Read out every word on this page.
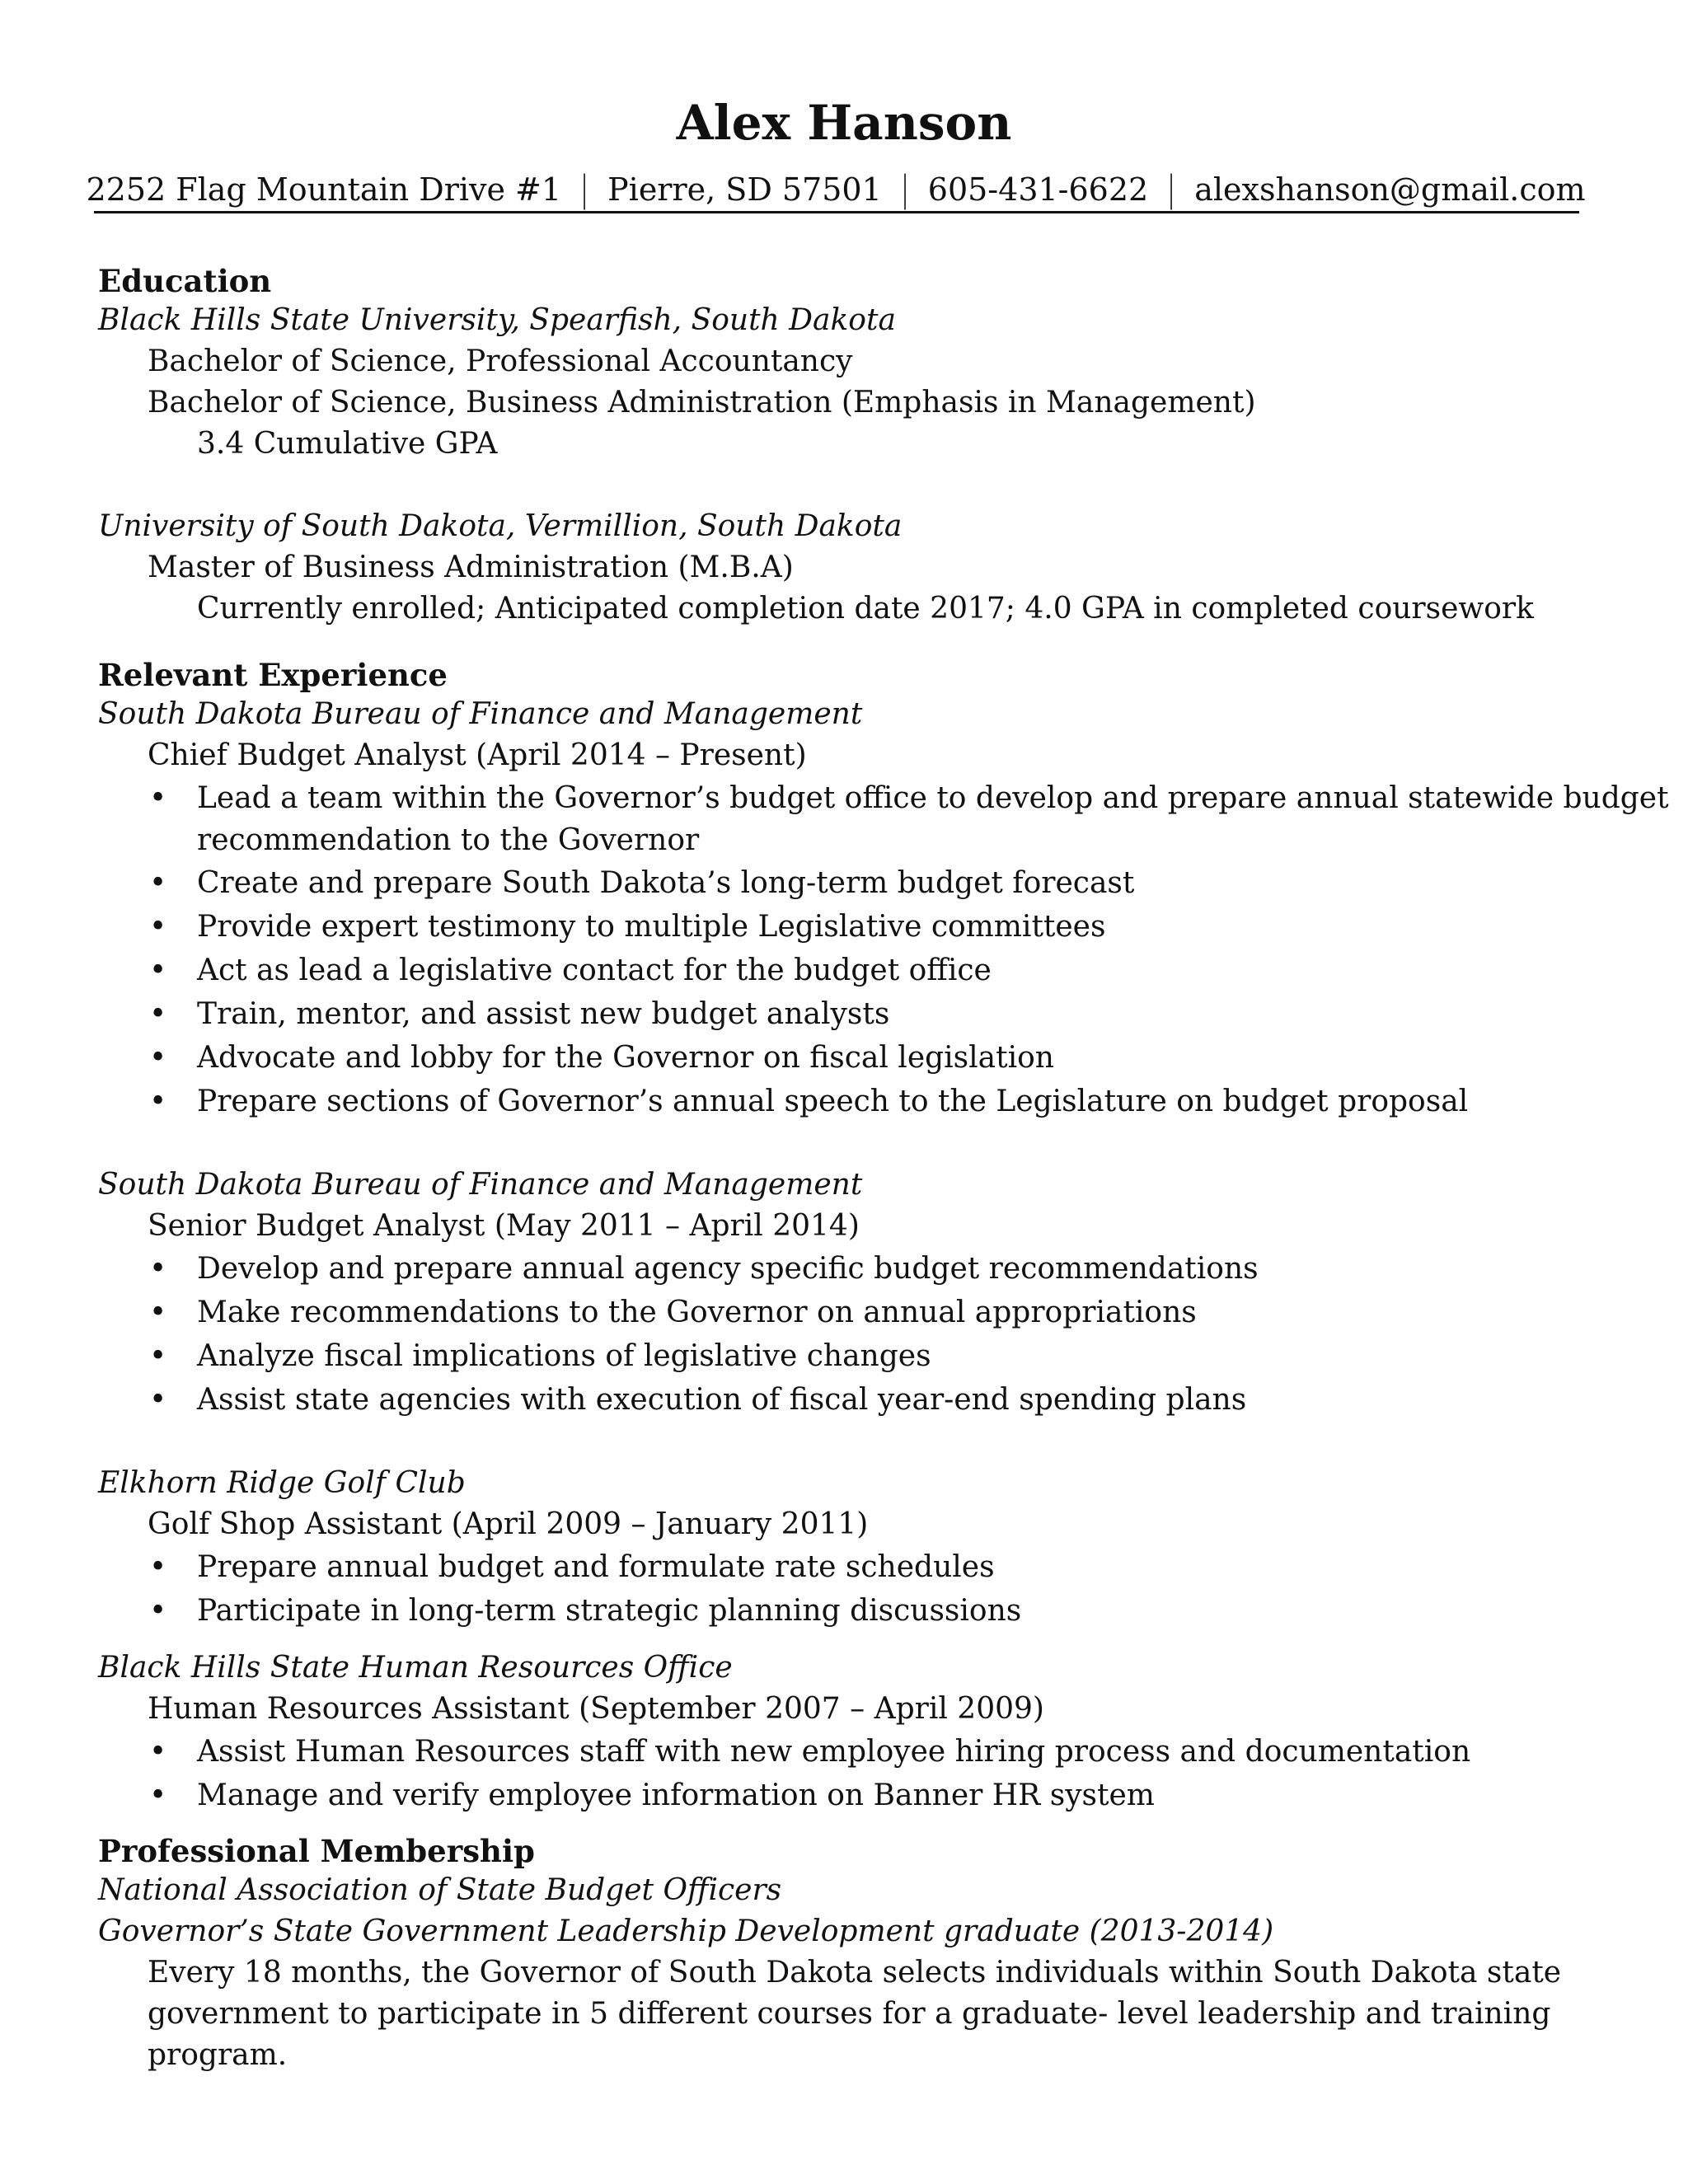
Alex Hanson
2252 Flag Mountain Drive #1 | Pierre, SD 57501 | 605-431-6622 | alexshanson@gmail.com
Education
Black Hills State University, Spearfish, South Dakota
Bachelor of Science, Professional Accountancy
Bachelor of Science, Business Administration (Emphasis in Management)
3.4 Cumulative GPA
University of South Dakota, Vermillion, South Dakota
Master of Business Administration (M.B.A)
Currently enrolled; Anticipated completion date 2017; 4.0 GPA in completed coursework
Relevant Experience
South Dakota Bureau of Finance and Management
Chief Budget Analyst (April 2014 – Present)
• Lead a team within the Governor’s budget office to develop and prepare annual statewide budget
recommendation to the Governor
• Create and prepare South Dakota’s long-term budget forecast
• Provide expert testimony to multiple Legislative committees
• Act as lead a legislative contact for the budget office
• Train, mentor, and assist new budget analysts
• Advocate and lobby for the Governor on fiscal legislation
• Prepare sections of Governor’s annual speech to the Legislature on budget proposal
South Dakota Bureau of Finance and Management
Senior Budget Analyst (May 2011 – April 2014)
• Develop and prepare annual agency specific budget recommendations
• Make recommendations to the Governor on annual appropriations
• Analyze fiscal implications of legislative changes
• Assist state agencies with execution of fiscal year-end spending plans
Elkhorn Ridge Golf Club
Golf Shop Assistant (April 2009 – January 2011)
• Prepare annual budget and formulate rate schedules
• Participate in long-term strategic planning discussions
Black Hills State Human Resources Office
Human Resources Assistant (September 2007 – April 2009)
• Assist Human Resources staff with new employee hiring process and documentation
• Manage and verify employee information on Banner HR system
Professional Membership
National Association of State Budget Officers
Governor’s State Government Leadership Development graduate (2013-2014)
Every 18 months, the Governor of South Dakota selects individuals within South Dakota state
government to participate in 5 different courses for a graduate- level leadership and training program.
